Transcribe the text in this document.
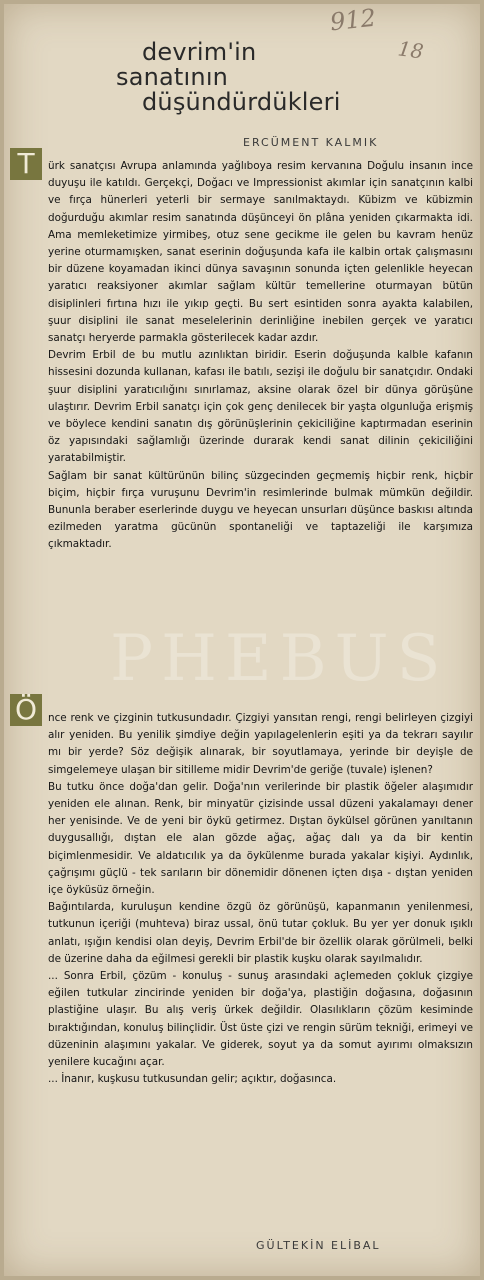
912
18
devrim'in
sanatının
düşündürdükleri
ERCÜMENT KALMIK
T	ürk sanatçısı Avrupa anlamında yağlıboya resim kervanına Doğulu insanın ince duyuşu ile katıldı. Gerçekçi, Doğacı ve Impressionist akımlar için sanatçının kalbi ve fırça hünerleri yeterli bir sermaye sanılmaktaydı. Kübizm ve kübizmin doğurduğu akımlar resim sanatında düşünceyi ön plâna yeniden çıkarmakta idi. Ama memleketimize yirmibeş, otuz sene gecikme ile gelen bu kavram henüz yerine oturmamışken, sanat eserinin doğuşunda kafa ile kalbin ortak çalışmasını bir düzene koyamadan ikinci dünya savaşının sonunda içten gelenlikle heyecan yaratıcı reaksiyoner akımlar sağlam kültür temellerine oturmayan bütün disiplinleri fırtına hızı ile yıkıp geçti. Bu sert esintiden sonra ayakta kalabilen, şuur disiplini ile sanat meselelerinin derinliğine inebilen gerçek ve yaratıcı sanatçı heryerde parmakla gösterilecek kadar azdır.

Devrim Erbil de bu mutlu azınlıktan biridir. Eserin doğuşunda kalble kafanın hissesini dozunda kullanan, kafası ile batılı, sezişi ile doğulu bir sanatçıdır. Ondaki şuur disiplini yaratıcılığını sınırlamaz, aksine olarak özel bir dünya görüşüne ulaştırır. Devrim Erbil sanatçı için çok genç denilecek bir yaşta olgunluğa erişmiş ve böylece kendini sanatın dış görünüşlerinin çekiciliğine kaptırmadan eserinin öz yapısındaki sağlamlığı üzerinde durarak kendi sanat dilinin çekiciliğini yaratabilmiştir.

Sağlam bir sanat kültürünün bilinç süzgecinden geçmemiş hiçbir renk, hiçbir biçim, hiçbir fırça vuruşunu Devrim'in resimlerinde bulmak mümkün değildir. Bununla beraber eserlerinde duygu ve heyecan unsurları düşünce baskısı altında ezilmeden yaratma gücünün spontaneliği ve taptazeliği ile karşımıza çıkmaktadır.

PHEBUS
Ö	nce renk ve çizginin tutkusundadır. Çizgiyi yansıtan rengi, rengi belirleyen çizgiyi alır yeniden. Bu yenilik şimdiye değin yapılagelenlerin eşiti ya da tekrarı sayılır mı bir yerde? Söz değişik alınarak, bir soyutlamaya, yerinde bir deyişle de simgelemeye ulaşan bir sitilleme midir Devrim'de geriğe (tuvale) işlenen?

Bu tutku önce doğa'dan gelir. Doğa'nın verilerinde bir plastik öğeler alaşımıdır yeniden ele alınan. Renk, bir minyatür çizisinde ussal düzeni yakalamayı dener her yenisinde. Ve de yeni bir öykü getirmez. Dıştan öykülsel görünen yanıltanın duygusallığı, dıştan ele alan gözde ağaç, ağaç dalı ya da bir kentin biçimlenmesidir. Ve aldatıcılık ya da öykülenme burada yakalar kişiyi. Aydınlık, çağrışımı güçlü - tek sarıların bir dönemidir dönenen içten dışa - dıştan yeniden içe öyküsüz örneğin.

Bağıntılarda, kuruluşun kendine özgü öz görünüşü, kapanmanın yenilenmesi, tutkunun içeriği (muhteva) biraz ussal, önü tutar çokluk. Bu yer yer donuk ışıklı anlatı, ışığın kendisi olan deyiş, Devrim Erbil'de bir özellik olarak görülmeli, belki de üzerine daha da eğilmesi gerekli bir plastik kuşku olarak sayılmalıdır.

... Sonra Erbil, çözüm - konuluş - sunuş arasındaki açlemeden çokluk çizgiye eğilen tutkular zincirinde yeniden bir doğa'ya, plastiğin doğasına, doğasının plastiğine ulaşır. Bu alış veriş ürkek değildir. Olasılıkların çözüm kesiminde bıraktığından, konuluş bilinçlidir. Üst üste çizi ve rengin sürüm tekniği, erimeyi ve düzeninin alaşımını yakalar. Ve giderek, soyut ya da somut ayırımı olmaksızın yenilere kucağını açar.

... İnanır, kuşkusu tutkusundan gelir; açıktır, doğasınca.

GÜLTEKİN ELİBAL
